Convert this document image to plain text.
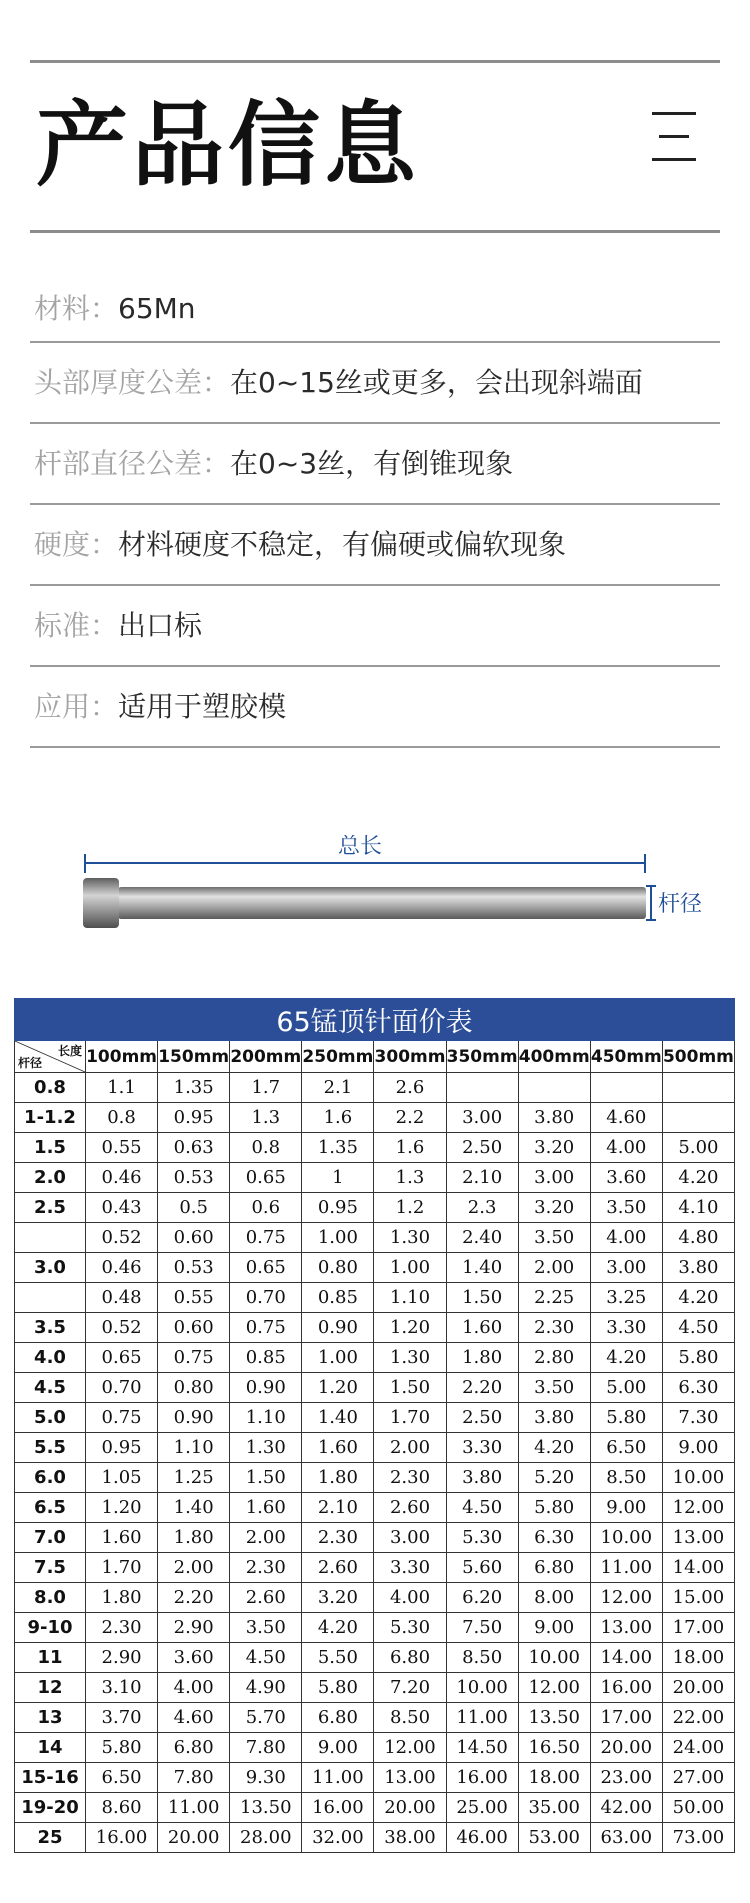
产品信息
材料：65Mn
头部厚度公差：在0~15丝或更多，会出现斜端面
杆部直径公差：在0~3丝，有倒锥现象
硬度：材料硬度不稳定，有偏硬或偏软现象
标准：出口标
应用：适用于塑胶模
总长
杆径
65锰顶针面价表									

长度
杆径	100mm	150mm	200mm	250mm	300mm	350mm	400mm	450mm	500mm
0.8	1.1	1.35	1.7	2.1	2.6				
1-1.2	0.8	0.95	1.3	1.6	2.2	3.00	3.80	4.60	
1.5	0.55	0.63	0.8	1.35	1.6	2.50	3.20	4.00	5.00
2.0	0.46	0.53	0.65	1	1.3	2.10	3.00	3.60	4.20
2.5	0.43	0.5	0.6	0.95	1.2	2.3	3.20	3.50	4.10
	0.52	0.60	0.75	1.00	1.30	2.40	3.50	4.00	4.80
3.0	0.46	0.53	0.65	0.80	1.00	1.40	2.00	3.00	3.80
	0.48	0.55	0.70	0.85	1.10	1.50	2.25	3.25	4.20
3.5	0.52	0.60	0.75	0.90	1.20	1.60	2.30	3.30	4.50
4.0	0.65	0.75	0.85	1.00	1.30	1.80	2.80	4.20	5.80
4.5	0.70	0.80	0.90	1.20	1.50	2.20	3.50	5.00	6.30
5.0	0.75	0.90	1.10	1.40	1.70	2.50	3.80	5.80	7.30
5.5	0.95	1.10	1.30	1.60	2.00	3.30	4.20	6.50	9.00
6.0	1.05	1.25	1.50	1.80	2.30	3.80	5.20	8.50	10.00
6.5	1.20	1.40	1.60	2.10	2.60	4.50	5.80	9.00	12.00
7.0	1.60	1.80	2.00	2.30	3.00	5.30	6.30	10.00	13.00
7.5	1.70	2.00	2.30	2.60	3.30	5.60	6.80	11.00	14.00
8.0	1.80	2.20	2.60	3.20	4.00	6.20	8.00	12.00	15.00
9-10	2.30	2.90	3.50	4.20	5.30	7.50	9.00	13.00	17.00
11	2.90	3.60	4.50	5.50	6.80	8.50	10.00	14.00	18.00
12	3.10	4.00	4.90	5.80	7.20	10.00	12.00	16.00	20.00
13	3.70	4.60	5.70	6.80	8.50	11.00	13.50	17.00	22.00
14	5.80	6.80	7.80	9.00	12.00	14.50	16.50	20.00	24.00
15-16	6.50	7.80	9.30	11.00	13.00	16.00	18.00	23.00	27.00
19-20	8.60	11.00	13.50	16.00	20.00	25.00	35.00	42.00	50.00
25	16.00	20.00	28.00	32.00	38.00	46.00	53.00	63.00	73.00
